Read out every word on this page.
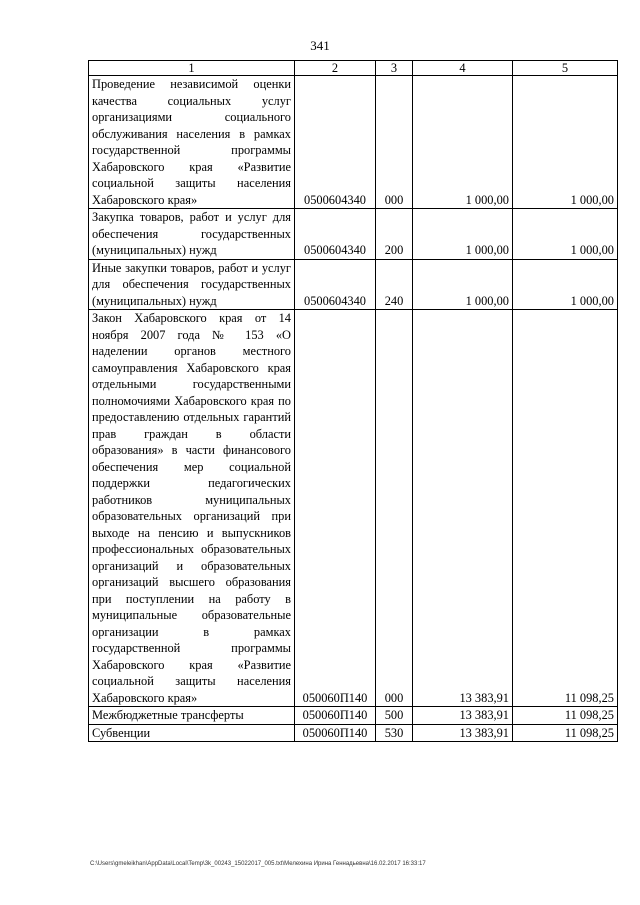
341
1	2	3	4	5
Проведение независимой оценки качества социальных услуг организациями социального обслуживания населения в рамках государственной программы Хабаровского края «Развитие социальной защиты населения Хабаровского края»	0500604340	000	1 000,00	1 000,00
Закупка товаров, работ и услуг для обеспечения государственных (муниципальных) нужд	0500604340	200	1 000,00	1 000,00
Иные закупки товаров, работ и услуг для обеспечения государственных (муниципальных) нужд	0500604340	240	1 000,00	1 000,00
Закон Хабаровского края от 14 ноября 2007 года № 153 «О наделении органов местного самоуправления Хабаровского края отдельными государственными полномочиями Хабаровского края по предоставлению отдельных гарантий прав граждан в области образования» в части финансового обеспечения мер социальной поддержки педагогических работников муниципальных образовательных организаций при выходе на пенсию и выпускников профессиональных образовательных организаций и образовательных организаций высшего образования при поступлении на работу в муниципальные образовательные организации в рамках государственной программы Хабаровского края «Развитие социальной защиты населения Хабаровского края»	050060П140	000	13 383,91	11 098,25
Межбюджетные трансферты	050060П140	500	13 383,91	11 098,25
Субвенции	050060П140	530	13 383,91	11 098,25
C:\Users\gmeleikhan\AppData\Local\Temp\3k_00243_15022017_005.txt\Мелехина Ирина Геннадьевна\16.02.2017 16:33:17
